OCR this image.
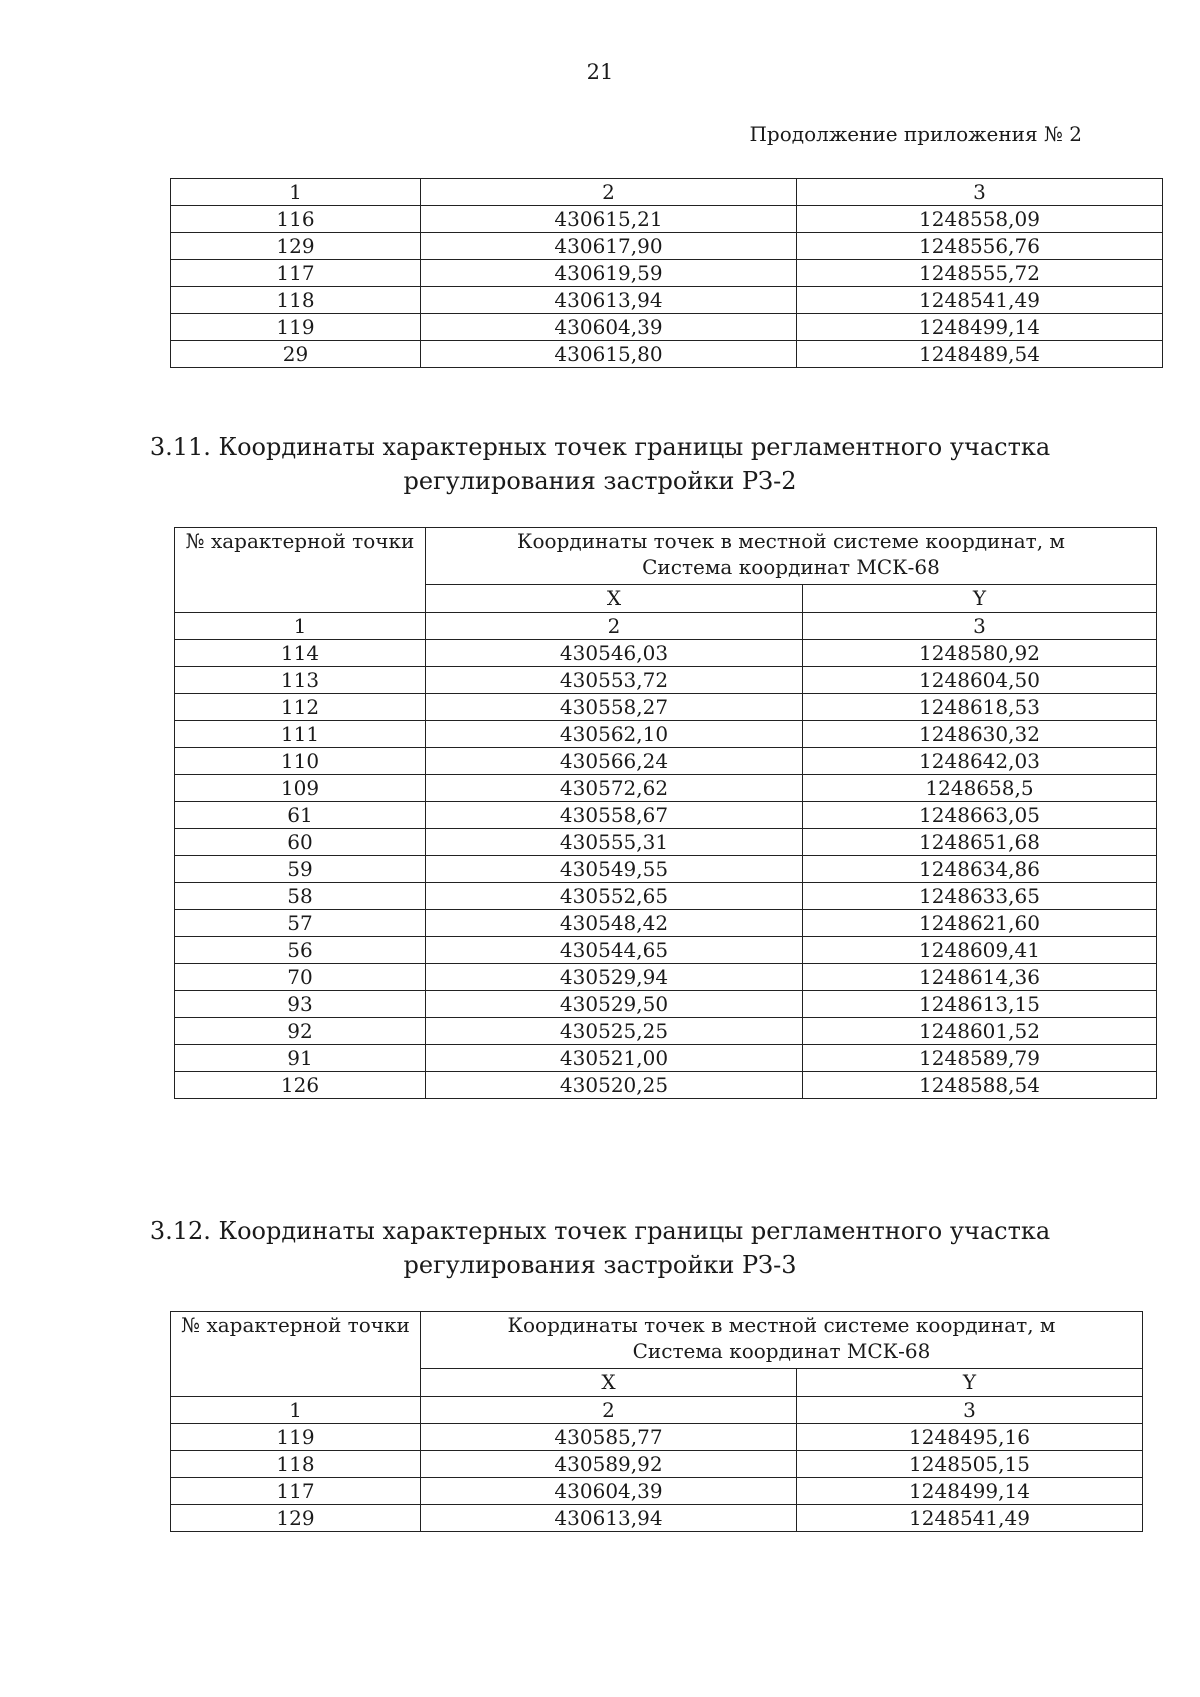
21
Продолжение приложения № 2
1	2	3
116	430615,21	1248558,09
129	430617,90	1248556,76
117	430619,59	1248555,72
118	430613,94	1248541,49
119	430604,39	1248499,14
29	430615,80	1248489,54
3.11. Координаты характерных точек границы регламентного участка
регулирования застройки РЗ-2
№ характерной точки	Координаты точек в местной системе координат, м
Система координат МСК-68	

	X	Y
1	2	3
114	430546,03	1248580,92
113	430553,72	1248604,50
112	430558,27	1248618,53
111	430562,10	1248630,32
110	430566,24	1248642,03
109	430572,62	1248658,5
61	430558,67	1248663,05
60	430555,31	1248651,68
59	430549,55	1248634,86
58	430552,65	1248633,65
57	430548,42	1248621,60
56	430544,65	1248609,41
70	430529,94	1248614,36
93	430529,50	1248613,15
92	430525,25	1248601,52
91	430521,00	1248589,79
126	430520,25	1248588,54
3.12. Координаты характерных точек границы регламентного участка
регулирования застройки РЗ-3
№ характерной точки	Координаты точек в местной системе координат, м
Система координат МСК-68	

	X	Y
1	2	3
119	430585,77	1248495,16
118	430589,92	1248505,15
117	430604,39	1248499,14
129	430613,94	1248541,49
